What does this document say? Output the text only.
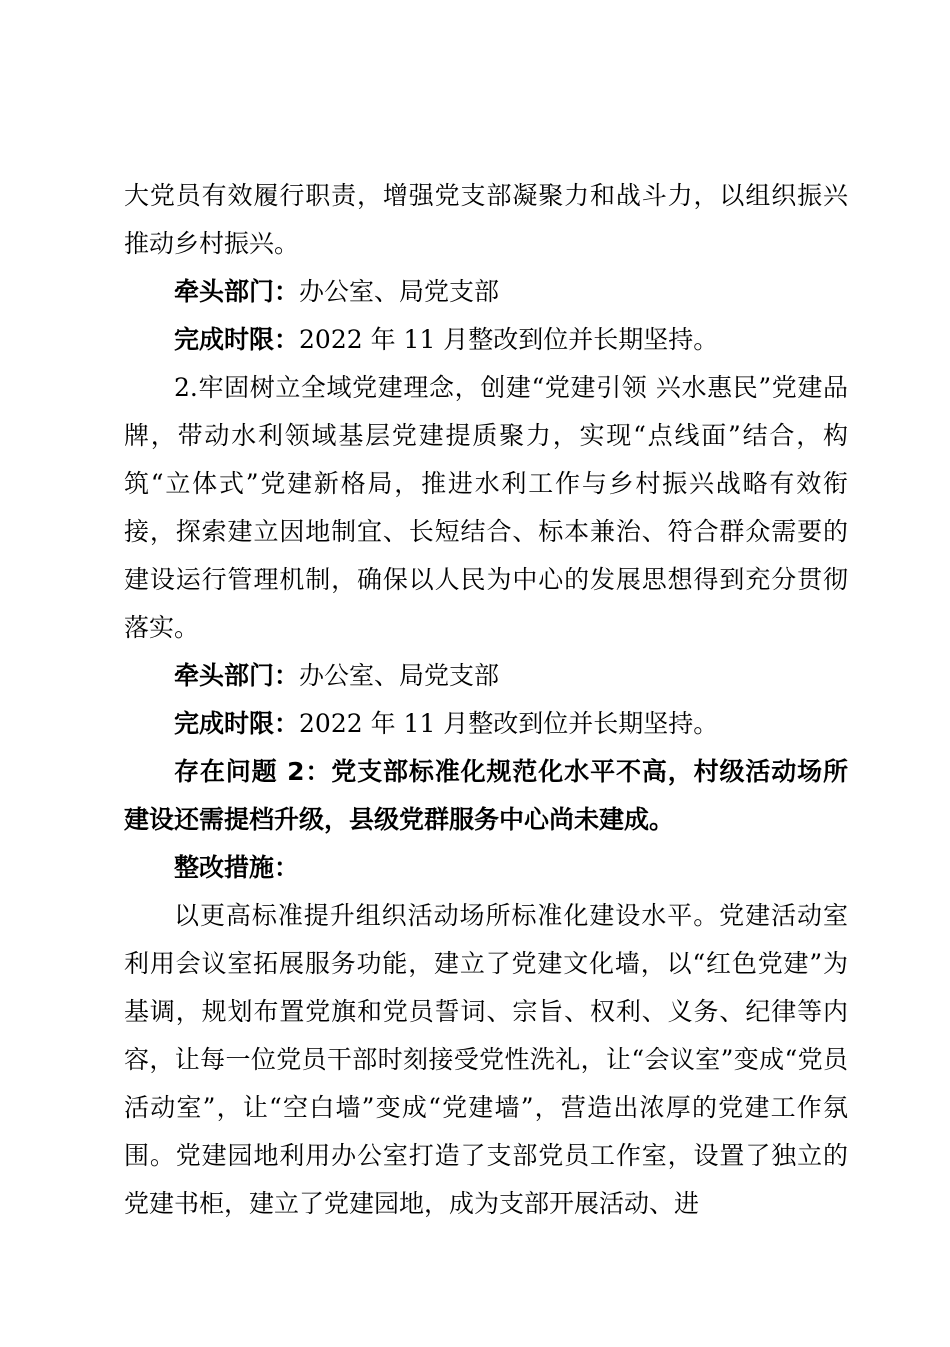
大党员有效履行职责，增强党支部凝聚力和战斗力，以组织振兴推动乡村振兴。

牵头部门：办公室、局党支部

完成时限：2022 年 11 月整改到位并长期坚持。

2.牢固树立全域党建理念，创建“党建引领 兴水惠民”党建品牌，带动水利领域基层党建提质聚力，实现“点线面”结合，构筑“立体式”党建新格局，推进水利工作与乡村振兴战略有效衔接，探索建立因地制宜、长短结合、标本兼治、符合群众需要的建设运行管理机制，确保以人民为中心的发展思想得到充分贯彻落实。

牵头部门：办公室、局党支部

完成时限：2022 年 11 月整改到位并长期坚持。

存在问题 2：党支部标准化规范化水平不高，村级活动场所建设还需提档升级，县级党群服务中心尚未建成。

整改措施：

以更高标准提升组织活动场所标准化建设水平。党建活动室利用会议室拓展服务功能，建立了党建文化墙，以“红色党建”为基调，规划布置党旗和党员誓词、宗旨、权利、义务、纪律等内容，让每一位党员干部时刻接受党性洗礼，让“会议室”变成“党员活动室”，让“空白墙”变成“党建墙”，营造出浓厚的党建工作氛围。党建园地利用办公室打造了支部党员工作室，设置了独立的党建书柜，建立了党建园地，成为支部开展活动、进
